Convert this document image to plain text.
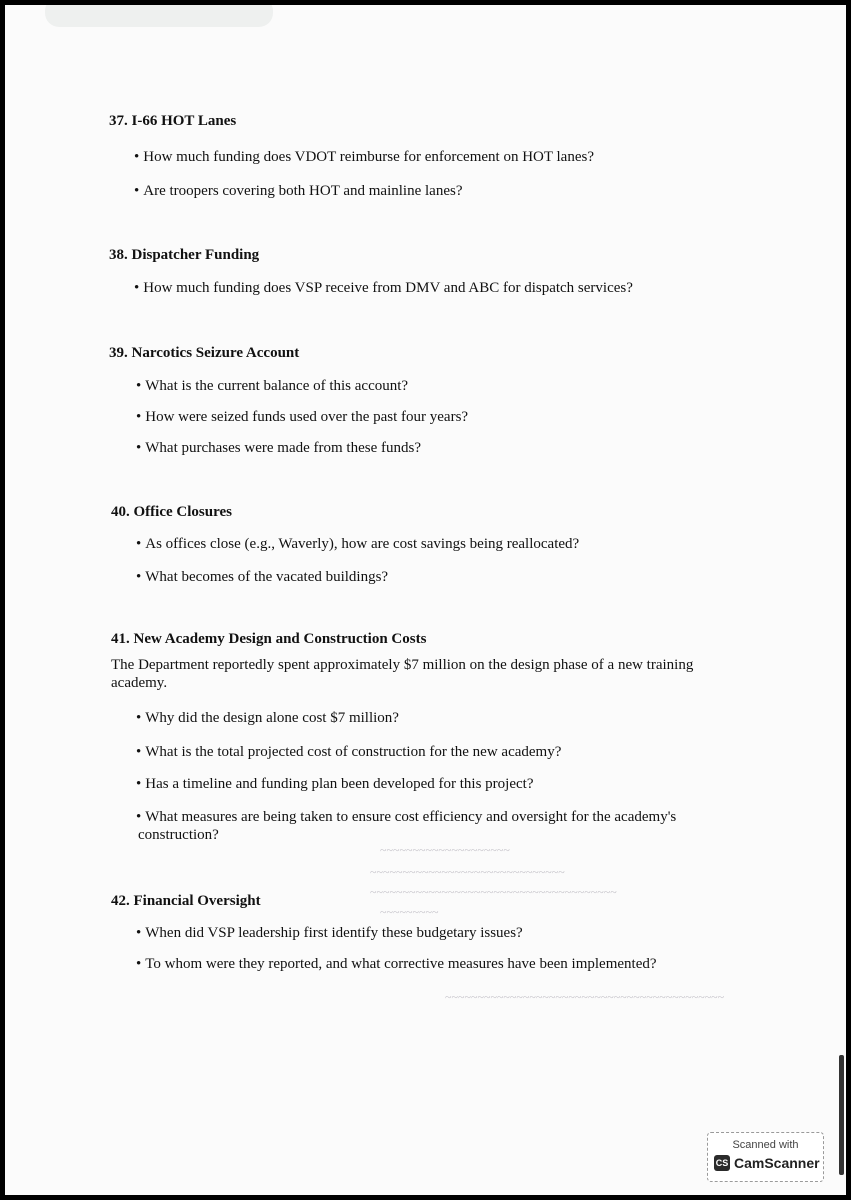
~~~~~~~~~~~~~~~~~~~~
~~~~~~~~~~~~~~~~~~~~~~~~~~~~~~
~~~~~~~~~~~~~~~~~~~~~~~~~~~~~~~~~~~~~~
~~~~~~~~~
~~~~~~~~~~~~~~~~~~~~~~~~~~~~~~~~~~~~~~~~~~~
37. I-66 HOT Lanes
• How much funding does VDOT reimburse for enforcement on HOT lanes?
• Are troopers covering both HOT and mainline lanes?
38. Dispatcher Funding
• How much funding does VSP receive from DMV and ABC for dispatch services?
39. Narcotics Seizure Account
• What is the current balance of this account?
• How were seized funds used over the past four years?
• What purchases were made from these funds?
40. Office Closures
• As offices close (e.g., Waverly), how are cost savings being reallocated?
• What becomes of the vacated buildings?
41. New Academy Design and Construction Costs
The Department reportedly spent approximately $7 million on the design phase of a new training
academy.
• Why did the design alone cost $7 million?
• What is the total projected cost of construction for the new academy?
• Has a timeline and funding plan been developed for this project?
• What measures are being taken to ensure cost efficiency and oversight for the academy's
construction?
42. Financial Oversight
• When did VSP leadership first identify these budgetary issues?
• To whom were they reported, and what corrective measures have been implemented?
Scanned with
CS CamScanner
